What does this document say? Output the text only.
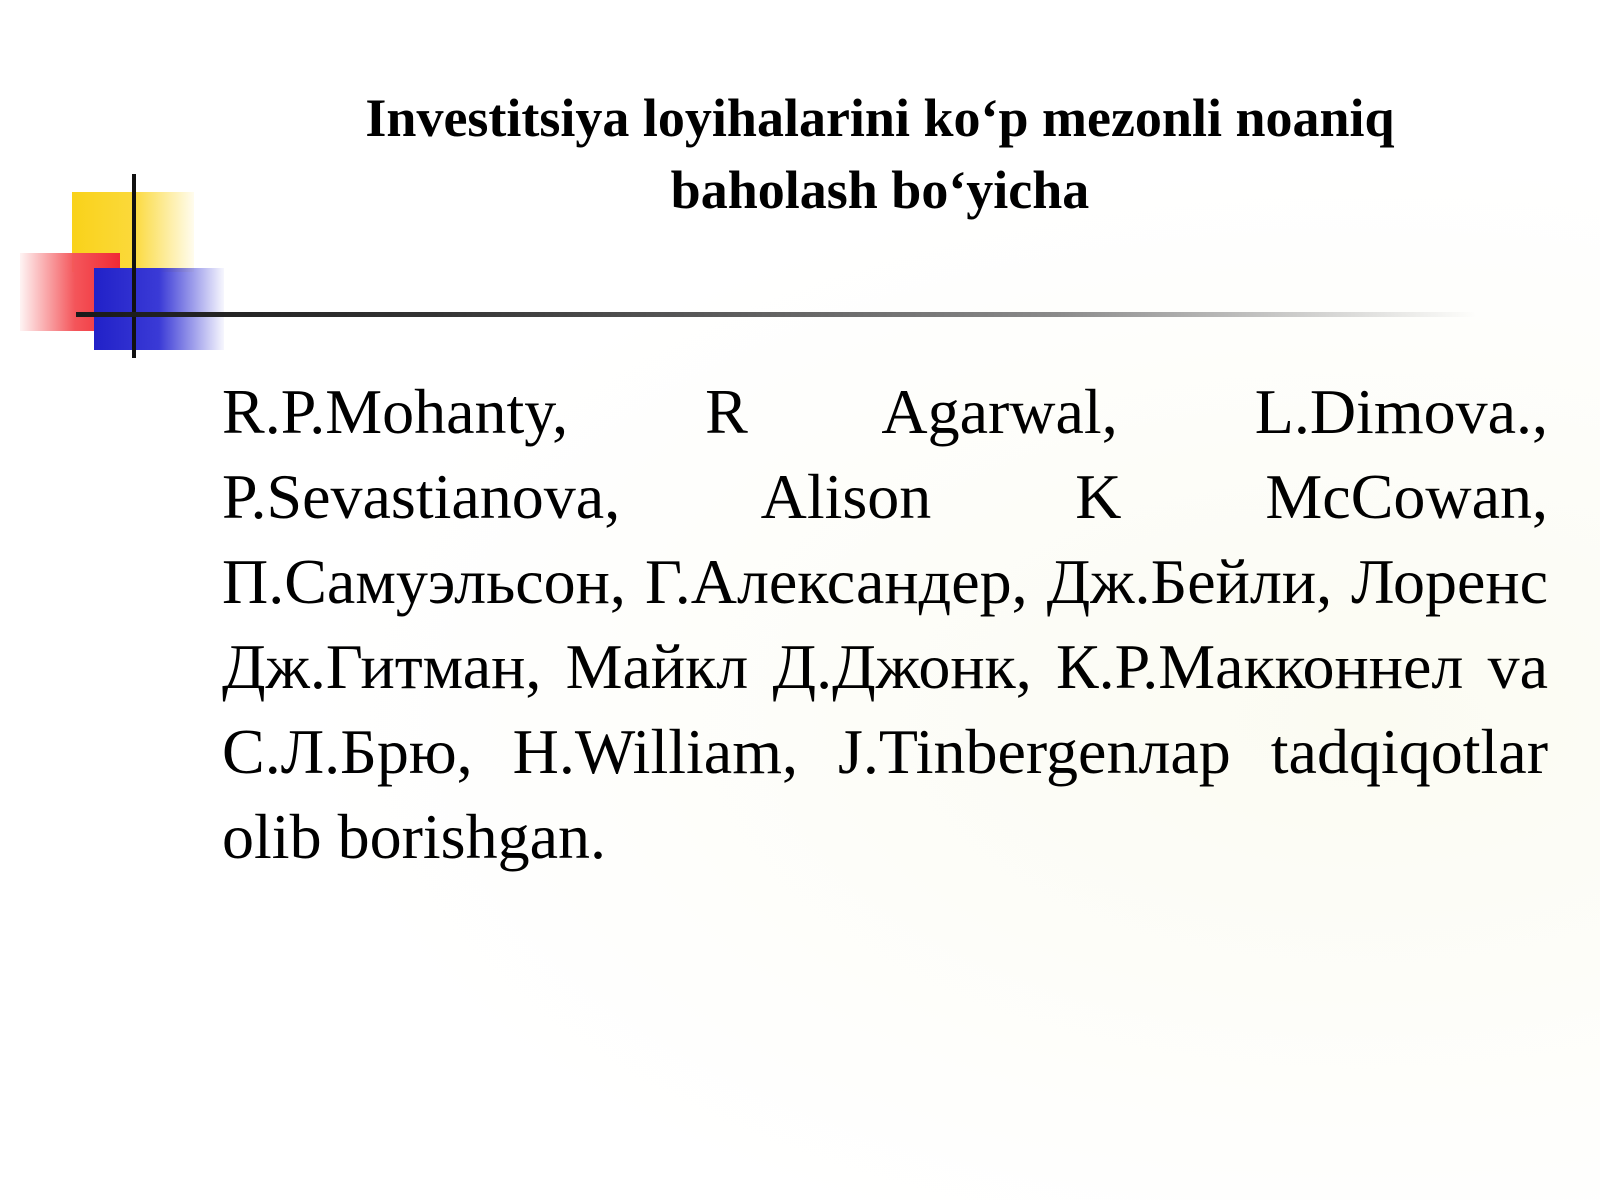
Investitsiya loyihalarini ko‘p mezonli noaniq
baholash bo‘yicha

R.P.Mohanty, R Agarwal, L.Dimova., P.Sevastianova, Alison K McCowan, П.Самуэльсон, Г.Александер, Дж.Бейли, Лоренс Дж.Гитман, Майкл Д.Джонк, К.Р.Макконнел va С.Л.Брю, H.William, J.Tinbergenлар tadqiqotlar olib borishgan.
